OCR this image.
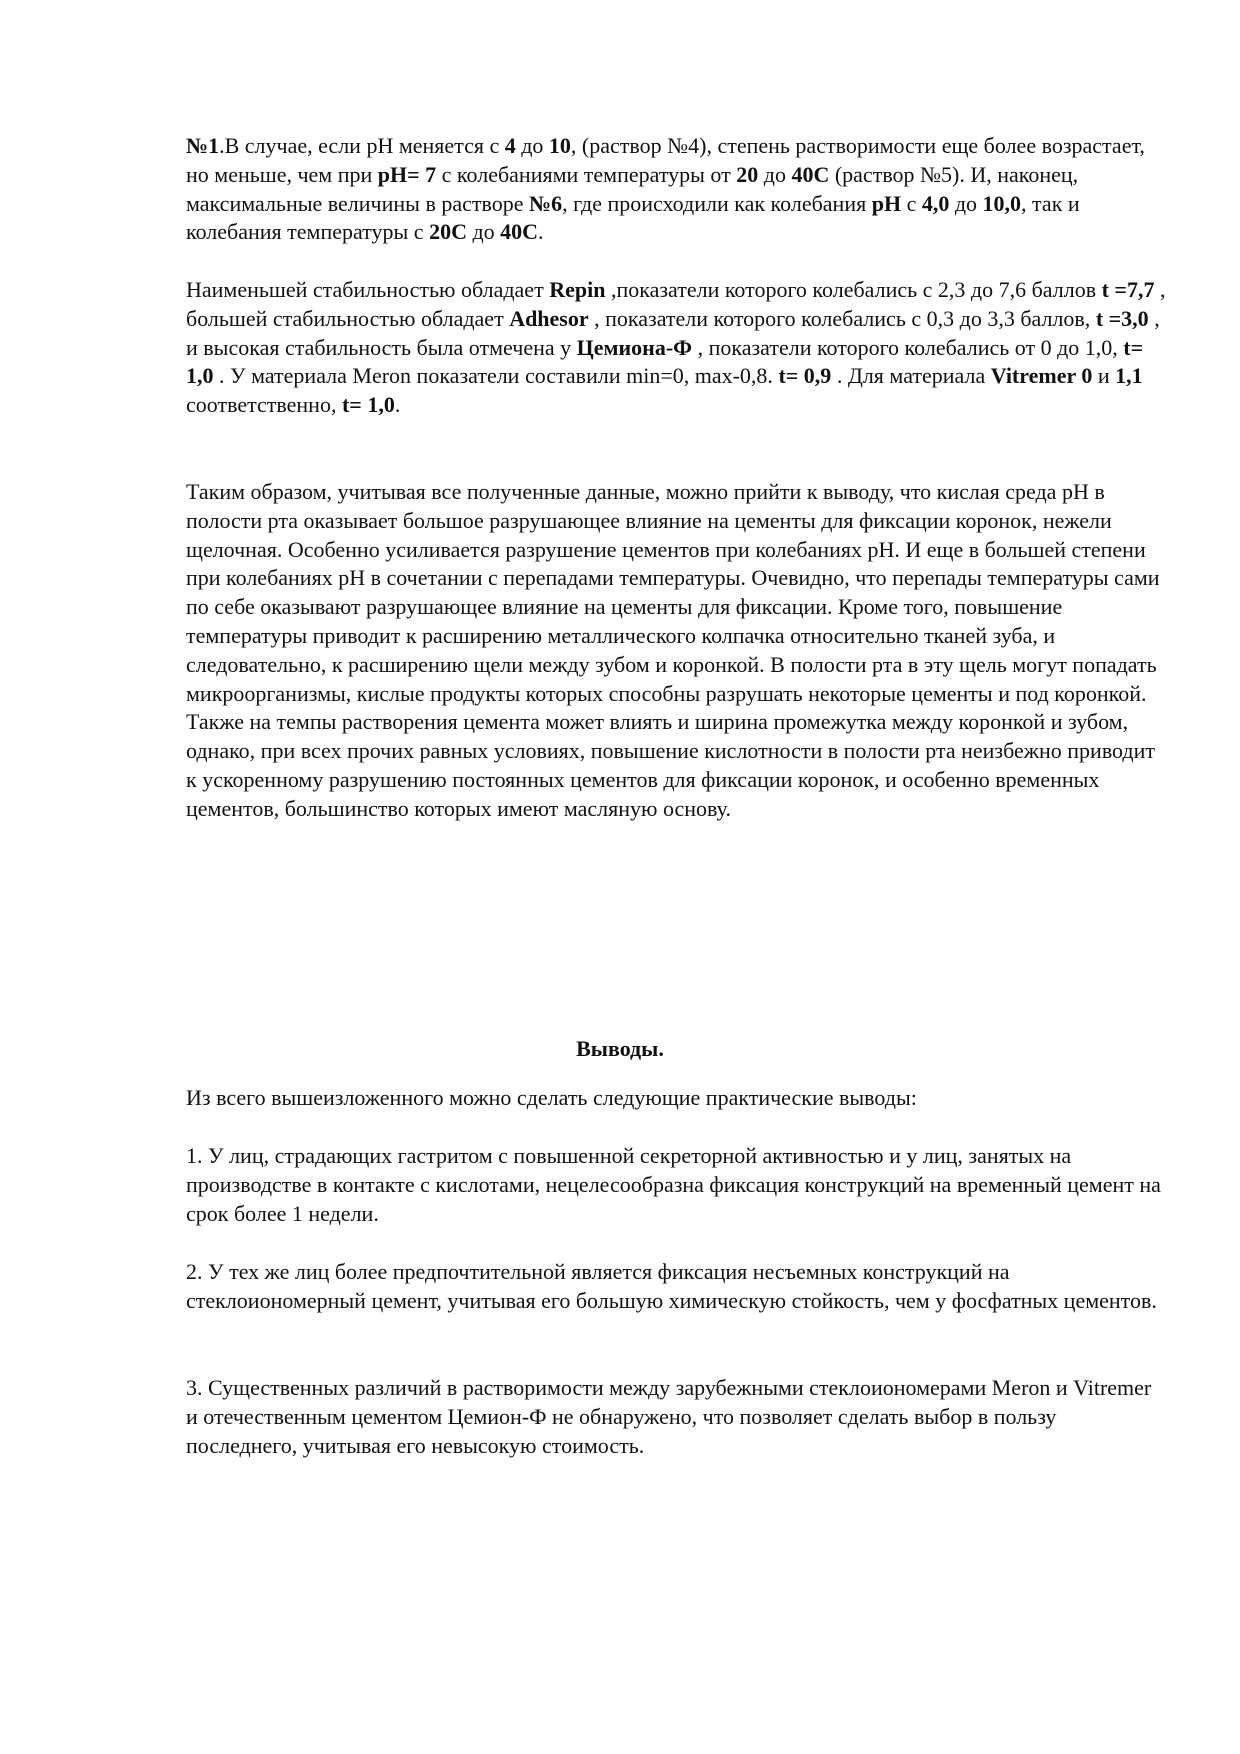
№1.В случае, если pH меняется с 4 до 10, (раствор №4), степень растворимости еще более возрастает, но меньше, чем при pH= 7 с колебаниями температуры от 20 до 40C (раствор №5). И, наконец, максимальные величины в растворе №6, где происходили как колебания pH с 4,0 до 10,0, так и колебания температуры с 20C до 40C.

Наименьшей стабильностью обладает Repin ,показатели которого колебались с 2,3 до 7,6 баллов t =7,7 , большей стабильностью обладает Adhesor , показатели которого колебались с 0,3 до 3,3 баллов, t =3,0 , и высокая стабильность была отмечена у Цемиона-Ф , показатели которого колебались от 0 до 1,0, t= 1,0 . У материала Meron показатели составили min=0, max-0,8. t= 0,9 . Для материала Vitremer 0 и 1,1 соответственно, t= 1,0.

Таким образом, учитывая все полученные данные, можно прийти к выводу, что кислая среда pH в полости рта оказывает большое разрушающее влияние на цементы для фиксации коронок, нежели щелочная. Особенно усиливается разрушение цементов при колебаниях pH. И еще в большей степени при колебаниях pH в сочетании с перепадами температуры. Очевидно, что перепады температуры сами по себе оказывают разрушающее влияние на цементы для фиксации. Кроме того, повышение температуры приводит к расширению металлического колпачка относительно тканей зуба, и следовательно, к расширению щели между зубом и коронкой. В полости рта в эту щель могут попадать микроорганизмы, кислые продукты которых способны разрушать некоторые цементы и под коронкой. Также на темпы растворения цемента может влиять и ширина промежутка между коронкой и зубом, однако, при всех прочих равных условиях, повышение кислотности в полости рта неизбежно приводит к ускоренному разрушению постоянных цементов для фиксации коронок, и особенно временных цементов, большинство которых имеют масляную основу.

Выводы.

Из всего вышеизложенного можно сделать следующие практические выводы:

1. У лиц, страдающих гастритом с повышенной секреторной активностью и у лиц, занятых на производстве в контакте с кислотами, нецелесообразна фиксация конструкций на временный цемент на срок более 1 недели.

2. У тех же лиц более предпочтительной является фиксация несъемных конструкций на стеклоиономерный цемент, учитывая его большую химическую стойкость, чем у фосфатных цементов.

3. Существенных различий в растворимости между зарубежными стеклоиономерами Meron и Vitremer и отечественным цементом Цемион-Ф не обнаружено, что позволяет сделать выбор в пользу последнего, учитывая его невысокую стоимость.
